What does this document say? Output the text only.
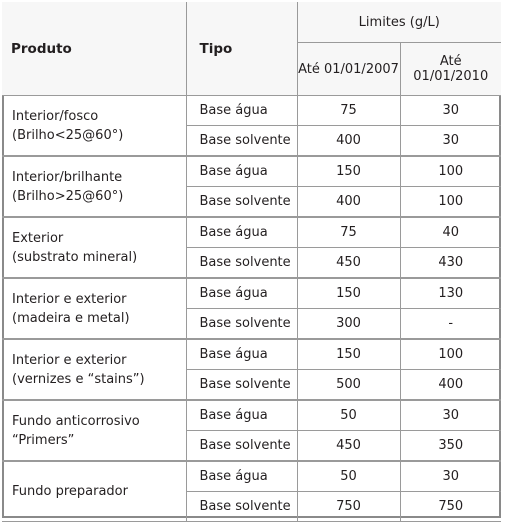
Produto	Tipo	Limites (g/L)	
		Até 01/01/2007	Até 01/01/2010

Interior/fosco
(Brilho<25@60°)	Base água	75	30
	Base solvente	400	30

Interior/brilhante
(Brilho>25@60°)	Base água	150	100
	Base solvente	400	100

Exterior
(substrato mineral)	Base água	75	40
	Base solvente	450	430

Interior e exterior
(madeira e metal)	Base água	150	130
	Base solvente	300	-

Interior e exterior
(vernizes e “stains”)	Base água	150	100
	Base solvente	500	400

Fundo anticorrosivo
“Primers”	Base água	50	30
	Base solvente	450	350

Fundo preparador	Base água	50	30
	Base solvente	750	750
